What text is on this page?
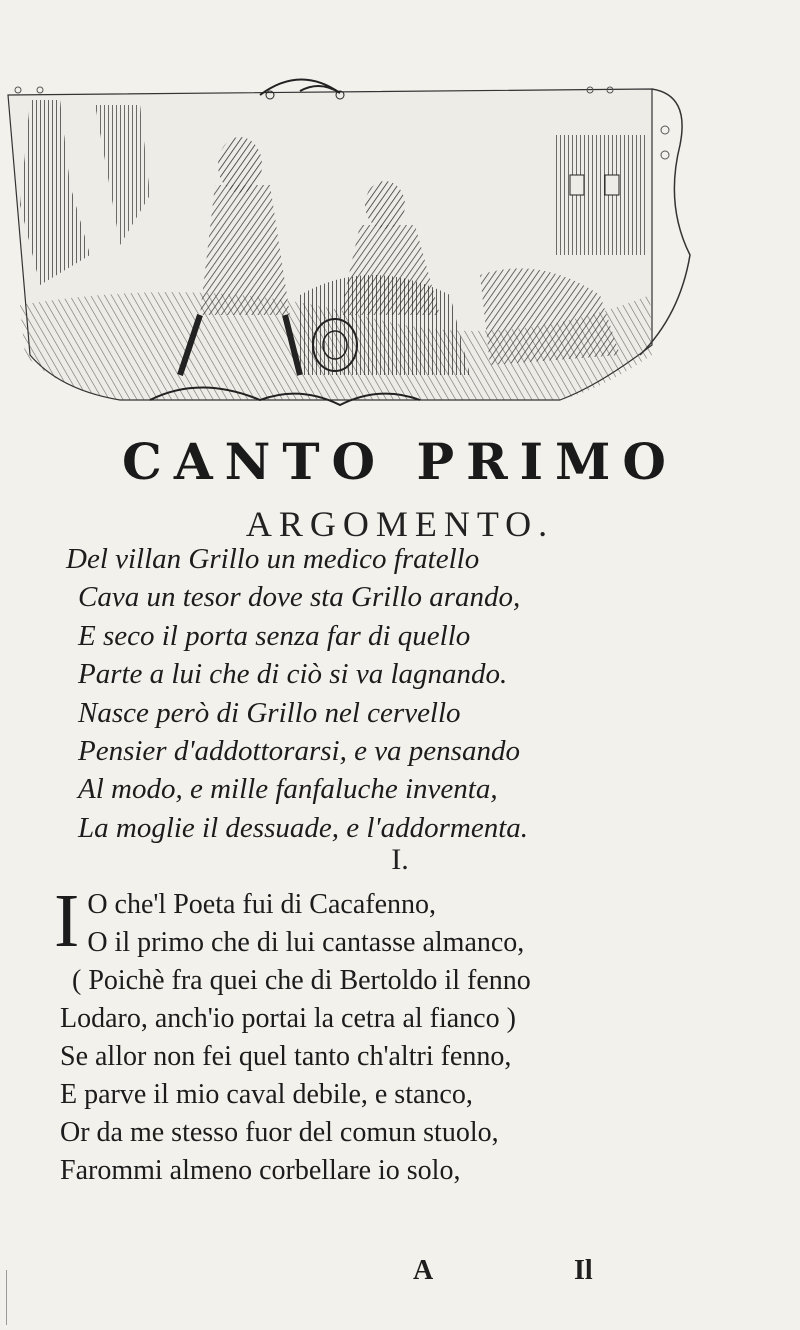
CANTO PRIMO
ARGOMENTO.
Del villan Grillo un medico fratello
Cava un tesor dove sta Grillo arando,
E seco il porta senza far di quello
Parte a lui che di ciò si va lagnando.
Nasce però di Grillo nel cervello
Pensier d'addottorarsi, e va pensando
Al modo, e mille fanfaluche inventa,
La moglie il dessuade, e l'addormenta.
I.
I O che'l Poeta fui di Cacafenno,
O il primo che di lui cantasse almanco,
( Poichè fra quei che di Bertoldo il fenno
Lodaro, anch'io portai la cetra al fianco )
Se allor non fei quel tanto ch'altri fenno,
E parve il mio caval debile, e stanco,
Or da me stesso fuor del comun stuolo,
Farommi almeno corbellare io solo,
A	Il
